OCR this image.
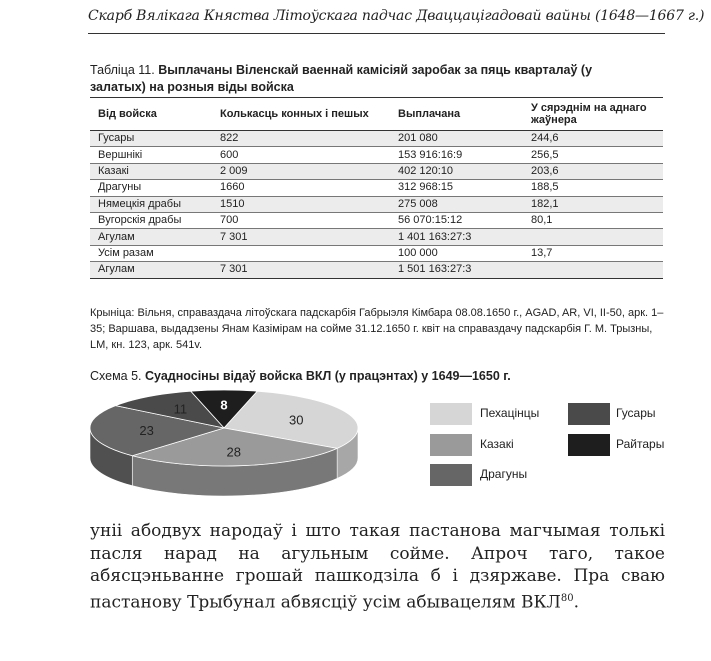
Скарб Вялікага Княства Літоўскага падчас Дваццацігадовай вайны (1648—1667 г.)
Табліца 11. Выплачаны Віленскай ваеннай камісіяй заробак за пяць кварталаў (у залатых) на розныя віды войска
Від войска	Колькасць конных і пешых	Выплачана	У сярэднім на аднаго жаўнера
Гусары	822	201 080	244,6
Вершнікі	600	153 916:16:9	256,5
Казакі	2 009	402 120:10	203,6
Драгуны	1660	312 968:15	188,5
Нямецкія драбы	1510	275 008	182,1
Вугорскія драбы	700	56 070:15:12	80,1
Агулам	7 301	1 401 163:27:3	
Усім разам		100 000	13,7
Агулам	7 301	1 501 163:27:3	
Крыніца: Вільня, справаздача літоўскага падскарбія Габрыэля Кімбара 08.08.1650 г., AGAD, AR, VI, II-50, арк. 1–35; Варшава, выдадзены Янам Казімірам на сойме 31.12.1650 г. квіт на справаздачу падскарбія Г. М. Трызны, LM, кн. 123, арк. 541v.
Схема 5. Суадносіны відаў войска ВКЛ (у працэнтах) у 1649—1650 г.
8
30
28
23
11	Пехацінцы
Казакі
Драгуны
Гусары
Райтары

уніі абодвух народаў і што такая пастанова магчымая толькі пасля нарад на агульным сойме. Апроч таго, такое абясцэньванне грошай пашкодзіла б і дзяржаве. Пра сваю пастанову Трыбунал абвясціў усім абывацелям ВКЛ$^{80}$.
